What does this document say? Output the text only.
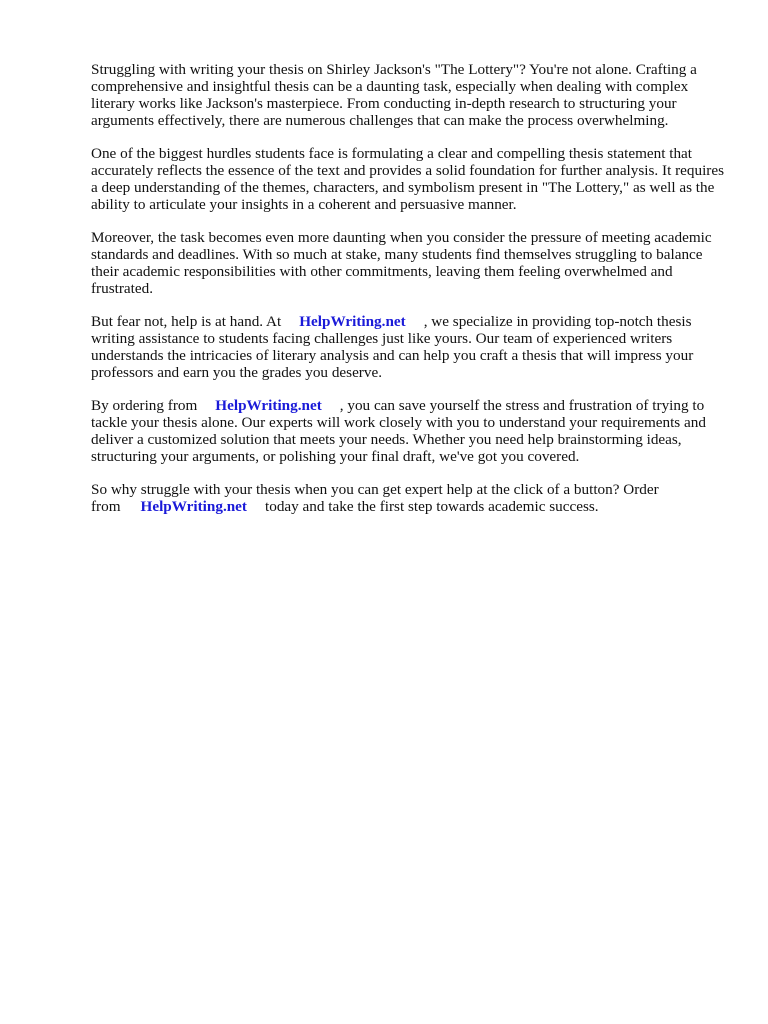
Struggling with writing your thesis on Shirley Jackson's "The Lottery"? You're not alone. Crafting a comprehensive and insightful thesis can be a daunting task, especially when dealing with complex literary works like Jackson's masterpiece. From conducting in-depth research to structuring your arguments effectively, there are numerous challenges that can make the process overwhelming.

One of the biggest hurdles students face is formulating a clear and compelling thesis statement that accurately reflects the essence of the text and provides a solid foundation for further analysis. It requires a deep understanding of the themes, characters, and symbolism present in "The Lottery," as well as the ability to articulate your insights in a coherent and persuasive manner.

Moreover, the task becomes even more daunting when you consider the pressure of meeting academic standards and deadlines. With so much at stake, many students find themselves struggling to balance their academic responsibilities with other commitments, leaving them feeling overwhelmed and frustrated.

But fear not, help is at hand. At HelpWriting.net , we specialize in providing top-notch thesis writing assistance to students facing challenges just like yours. Our team of experienced writers understands the intricacies of literary analysis and can help you craft a thesis that will impress your professors and earn you the grades you deserve.

By ordering from HelpWriting.net , you can save yourself the stress and frustration of trying to tackle your thesis alone. Our experts will work closely with you to understand your requirements and deliver a customized solution that meets your needs. Whether you need help brainstorming ideas, structuring your arguments, or polishing your final draft, we've got you covered.

So why struggle with your thesis when you can get expert help at the click of a button? Order from HelpWriting.net today and take the first step towards academic success.
